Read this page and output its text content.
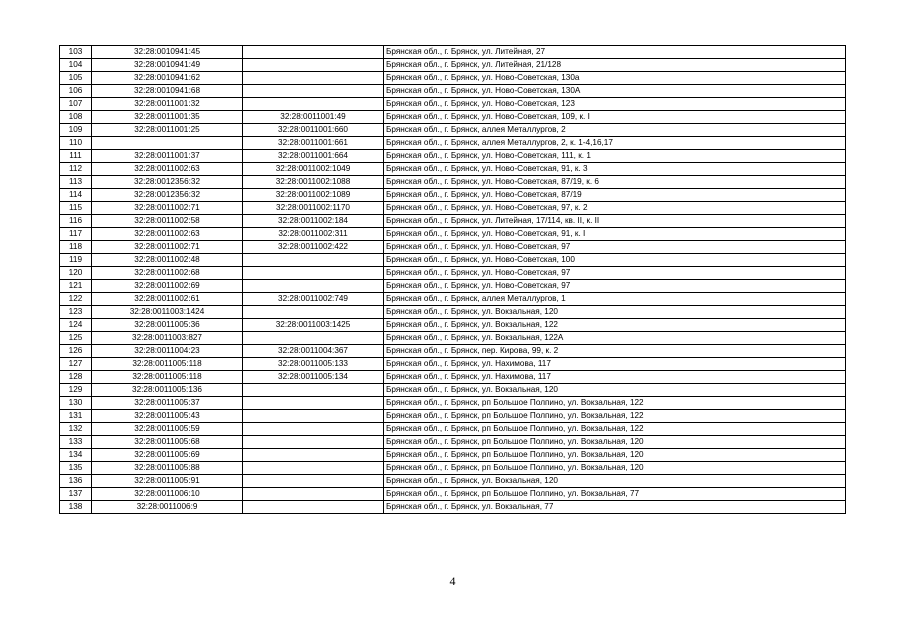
103	32:28:0010941:45		Брянская обл., г. Брянск, ул. Литейная, 27
104	32:28:0010941:49		Брянская обл., г. Брянск, ул. Литейная, 21/128
105	32:28:0010941:62		Брянская обл., г. Брянск, ул. Ново-Советская, 130а
106	32:28:0010941:68		Брянская обл., г. Брянск, ул. Ново-Советская, 130А
107	32:28:0011001:32		Брянская обл., г. Брянск, ул. Ново-Советская, 123
108	32:28:0011001:35	32:28:0011001:49	Брянская обл., г. Брянск, ул. Ново-Советская, 109, к. I
109	32:28:0011001:25	32:28:0011001:660	Брянская обл., г. Брянск, аллея Металлургов, 2
110		32:28:0011001:661	Брянская обл., г. Брянск, аллея Металлургов, 2, к. 1-4,16,17
111	32:28:0011001:37	32:28:0011001:664	Брянская обл., г. Брянск, ул. Ново-Советская, 111, к. 1
112	32:28:0011002:63	32:28:0011002:1049	Брянская обл., г. Брянск, ул. Ново-Советская, 91, к. 3
113	32:28:0012356:32	32:28:0011002:1088	Брянская обл., г. Брянск, ул. Ново-Советская, 87/19, к. 6
114	32:28:0012356:32	32:28:0011002:1089	Брянская обл., г. Брянск, ул. Ново-Советская, 87/19
115	32:28:0011002:71	32:28:0011002:1170	Брянская обл., г. Брянск, ул. Ново-Советская, 97, к. 2
116	32:28:0011002:58	32:28:0011002:184	Брянская обл., г. Брянск, ул. Литейная, 17/114, кв. II, к. II
117	32:28:0011002:63	32:28:0011002:311	Брянская обл., г. Брянск, ул. Ново-Советская, 91, к. I
118	32:28:0011002:71	32:28:0011002:422	Брянская обл., г. Брянск, ул. Ново-Советская, 97
119	32:28:0011002:48		Брянская обл., г. Брянск, ул. Ново-Советская, 100
120	32:28:0011002:68		Брянская обл., г. Брянск, ул. Ново-Советская, 97
121	32:28:0011002:69		Брянская обл., г. Брянск, ул. Ново-Советская, 97
122	32:28:0011002:61	32:28:0011002:749	Брянская обл., г. Брянск, аллея Металлургов, 1
123	32:28:0011003:1424		Брянская обл., г. Брянск, ул. Вокзальная, 120
124	32:28:0011005:36	32:28:0011003:1425	Брянская обл., г. Брянск, ул. Вокзальная, 122
125	32:28:0011003:827		Брянская обл., г. Брянск, ул. Вокзальная, 122А
126	32:28:0011004:23	32:28:0011004:367	Брянская обл., г. Брянск, пер. Кирова, 99, к. 2
127	32:28:0011005:118	32:28:0011005:133	Брянская обл., г. Брянск, ул. Нахимова, 117
128	32:28:0011005:118	32:28:0011005:134	Брянская обл., г. Брянск, ул. Нахимова, 117
129	32:28:0011005:136		Брянская обл., г. Брянск, ул. Вокзальная, 120
130	32:28:0011005:37		Брянская обл., г. Брянск, рп Большое Полпино, ул. Вокзальная, 122
131	32:28:0011005:43		Брянская обл., г. Брянск, рп Большое Полпино, ул. Вокзальная, 122
132	32:28:0011005:59		Брянская обл., г. Брянск, рп Большое Полпино, ул. Вокзальная, 122
133	32:28:0011005:68		Брянская обл., г. Брянск, рп Большое Полпино, ул. Вокзальная, 120
134	32:28:0011005:69		Брянская обл., г. Брянск, рп Большое Полпино, ул. Вокзальная, 120
135	32:28:0011005:88		Брянская обл., г. Брянск, рп Большое Полпино, ул. Вокзальная, 120
136	32:28:0011005:91		Брянская обл., г. Брянск, ул. Вокзальная, 120
137	32:28:0011006:10		Брянская обл., г. Брянск, рп Большое Полпино, ул. Вокзальная, 77
138	32:28:0011006:9		Брянская обл., г. Брянск, ул. Вокзальная, 77
4
